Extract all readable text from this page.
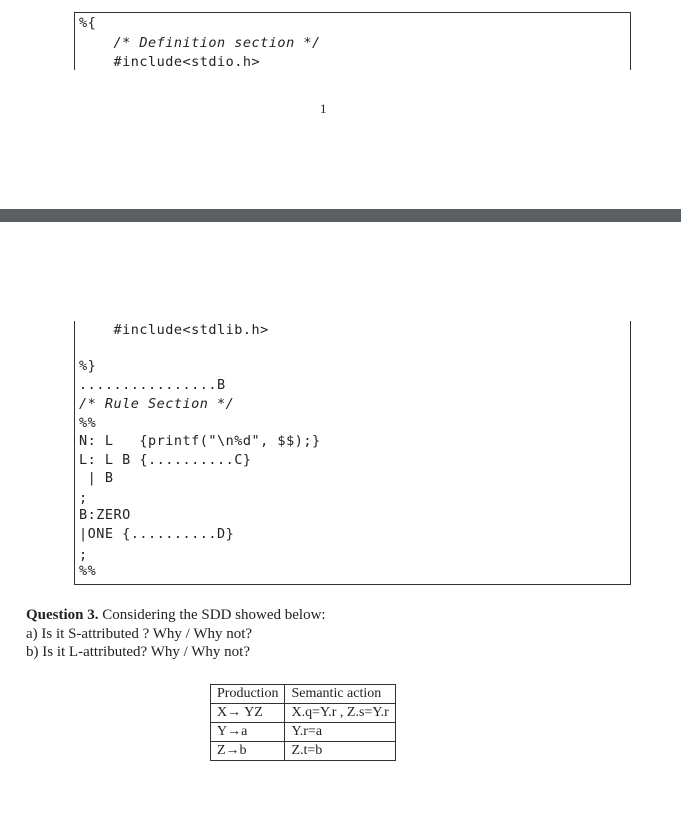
%{
/* Definition section */
#include<stdio.h>
1
#include<stdlib.h>
%}
................B
/* Rule Section */
%%
N: L   {printf("\n%d", $$);}
L: L B {..........C}
| B
;
B:ZERO
|ONE {..........D}
;
%%
Question 3. Considering the SDD showed below:
a) Is it S-attributed ? Why / Why not?
b) Is it L-attributed? Why / Why not?
Production	Semantic action
X→ YZ	X.q=Y.r , Z.s=Y.r
Y→a	Y.r=a
Z→b	Z.t=b
